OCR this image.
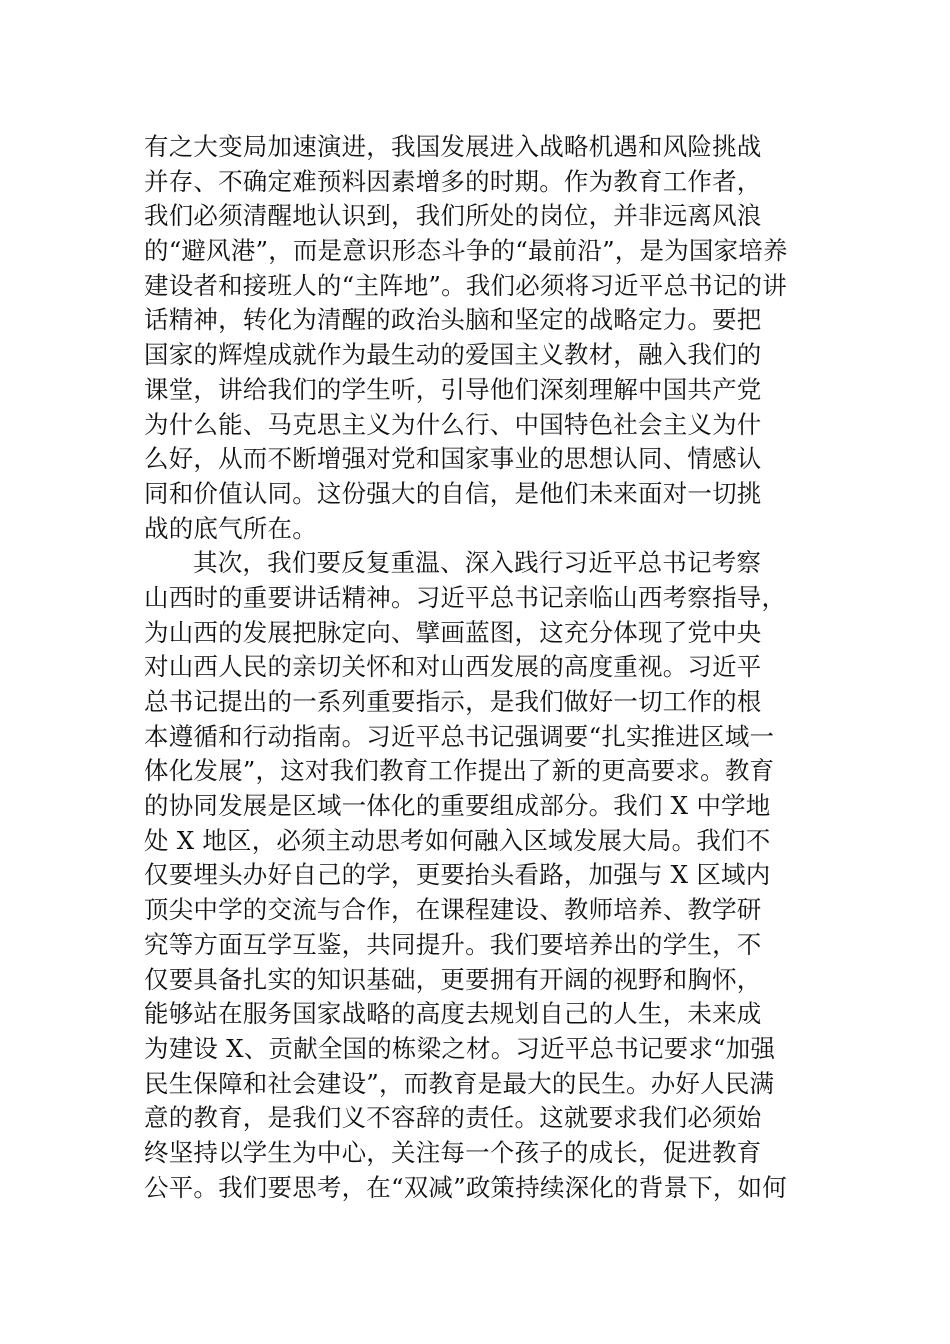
有之大变局加速演进，我国发展进入战略机遇和风险挑战
并存、不确定难预料因素增多的时期。作为教育工作者，
我们必须清醒地认识到，我们所处的岗位，并非远离风浪
的“避风港”，而是意识形态斗争的“最前沿”，是为国家培养
建设者和接班人的“主阵地”。我们必须将习近平总书记的讲
话精神，转化为清醒的政治头脑和坚定的战略定力。要把
国家的辉煌成就作为最生动的爱国主义教材，融入我们的
课堂，讲给我们的学生听，引导他们深刻理解中国共产党
为什么能、马克思主义为什么行、中国特色社会主义为什
么好，从而不断增强对党和国家事业的思想认同、情感认
同和价值认同。这份强大的自信，是他们未来面对一切挑
战的底气所在。
其次，我们要反复重温、深入践行习近平总书记考察
山西时的重要讲话精神。习近平总书记亲临山西考察指导，
为山西的发展把脉定向、擘画蓝图，这充分体现了党中央
对山西人民的亲切关怀和对山西发展的高度重视。习近平
总书记提出的一系列重要指示，是我们做好一切工作的根
本遵循和行动指南。习近平总书记强调要“扎实推进区域一
体化发展”，这对我们教育工作提出了新的更高要求。教育
的协同发展是区域一体化的重要组成部分。我们 X 中学地
处 X 地区，必须主动思考如何融入区域发展大局。我们不
仅要埋头办好自己的学，更要抬头看路，加强与 X 区域内
顶尖中学的交流与合作，在课程建设、教师培养、教学研
究等方面互学互鉴，共同提升。我们要培养出的学生，不
仅要具备扎实的知识基础，更要拥有开阔的视野和胸怀，
能够站在服务国家战略的高度去规划自己的人生，未来成
为建设 X、贡献全国的栋梁之材。习近平总书记要求“加强
民生保障和社会建设”，而教育是最大的民生。办好人民满
意的教育，是我们义不容辞的责任。这就要求我们必须始
终坚持以学生为中心，关注每一个孩子的成长，促进教育
公平。我们要思考，在“双减”政策持续深化的背景下，如何
